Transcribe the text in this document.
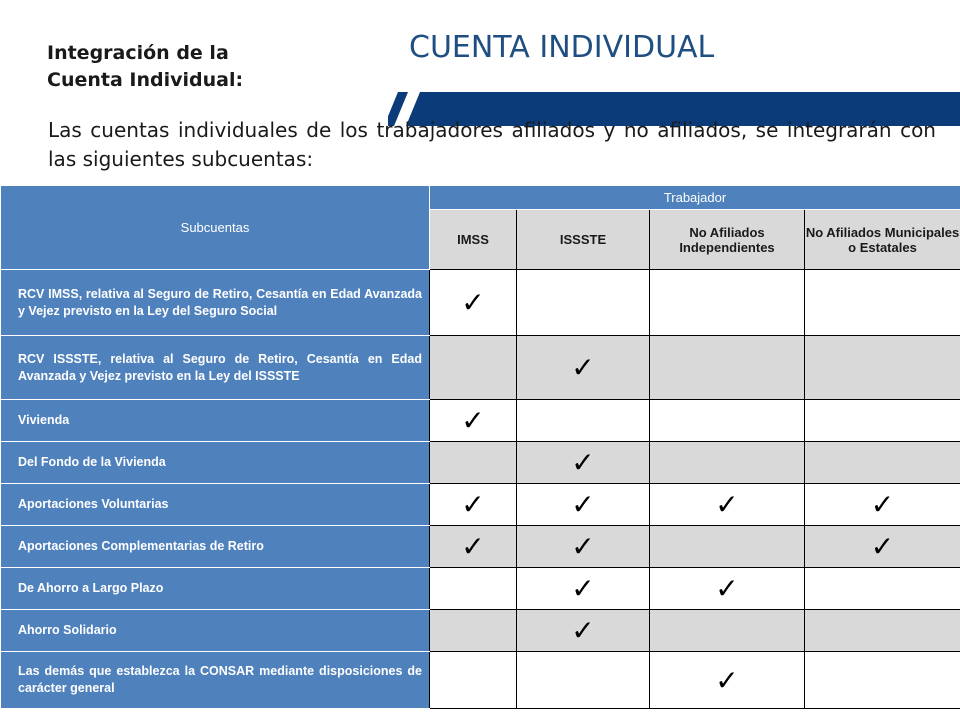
Integración de la
Cuenta Individual:
CUENTA INDIVIDUAL
Las cuentas individuales de los trabajadores afiliados y no afiliados, se integrarán con las siguientes subcuentas:
Subcuentas	Trabajador			
	IMSS	ISSSTE	No Afiliados Independientes	No Afiliados Municipales o Estatales
RCV IMSS, relativa al Seguro de Retiro, Cesantía en Edad Avanzada y Vejez previsto en la Ley del Seguro Social	✓			
RCV ISSSTE, relativa al Seguro de Retiro, Cesantía en Edad Avanzada y Vejez previsto en la Ley del ISSSTE		✓		
Vivienda	✓			
Del Fondo de la Vivienda		✓		
Aportaciones Voluntarias	✓	✓	✓	✓
Aportaciones Complementarias de Retiro	✓	✓		✓
De Ahorro a Largo Plazo		✓	✓	
Ahorro Solidario		✓		
Las demás que establezca la CONSAR mediante disposiciones de carácter general			✓	
